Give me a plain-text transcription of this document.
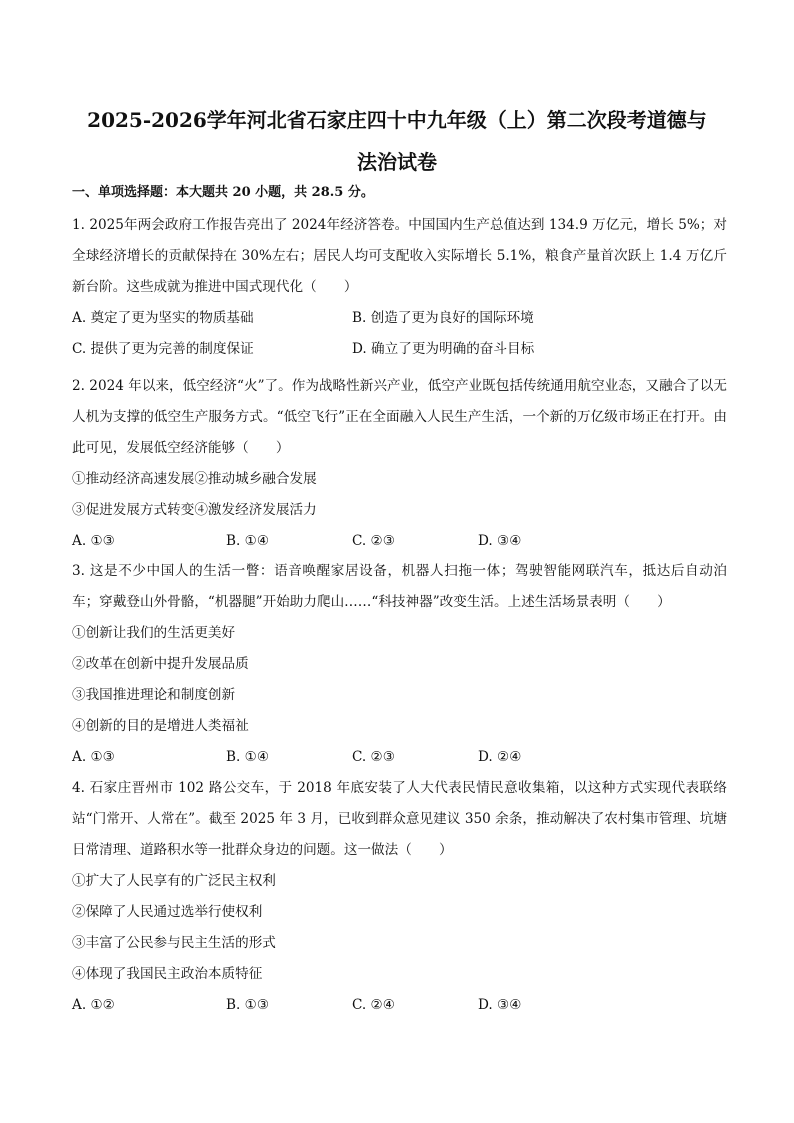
2025-2026学年河北省石家庄四十中九年级（上）第二次段考道德与
法治试卷
一、单项选择题：本大题共 20 小题，共 28.5 分。

1. 2025年两会政府工作报告亮出了 2024年经济答卷。中国国内生产总值达到 134.9 万亿元，增长 5%；对全球经济增长的贡献保持在 30%左右；居民人均可支配收入实际增长 5.1%，粮食产量首次跃上 1.4 万亿斤新台阶。这些成就为推进中国式现代化（　　）

A. 奠定了更为坚实的物质基础	B. 创造了更为良好的国际环境
C. 提供了更为完善的制度保证	D. 确立了更为明确的奋斗目标

2. 2024 年以来，低空经济“火”了。作为战略性新兴产业，低空产业既包括传统通用航空业态，又融合了以无人机为支撑的低空生产服务方式。“低空飞行”正在全面融入人民生产生活，一个新的万亿级市场正在打开。由此可见，发展低空经济能够（　　）

①推动经济高速发展②推动城乡融合发展
③促进发展方式转变④激发经济发展活力
A. ①③	B. ①④	C. ②③	D. ③④

3. 这是不少中国人的生活一瞥：语音唤醒家居设备，机器人扫拖一体；驾驶智能网联汽车，抵达后自动泊车；穿戴登山外骨骼，“机器腿”开始助力爬山……“科技神器”改变生活。上述生活场景表明（　　）

①创新让我们的生活更美好
②改革在创新中提升发展品质
③我国推进理论和制度创新
④创新的目的是增进人类福祉
A. ①③	B. ①④	C. ②③	D. ②④

4. 石家庄晋州市 102 路公交车，于 2018 年底安装了人大代表民情民意收集箱，以这种方式实现代表联络站“门常开、人常在”。截至 2025 年 3 月，已收到群众意见建议 350 余条，推动解决了农村集市管理、坑塘日常清理、道路积水等一批群众身边的问题。这一做法（　　）

①扩大了人民享有的广泛民主权利
②保障了人民通过选举行使权利
③丰富了公民参与民主生活的形式
④体现了我国民主政治本质特征
A. ①②	B. ①③	C. ②④	D. ③④
